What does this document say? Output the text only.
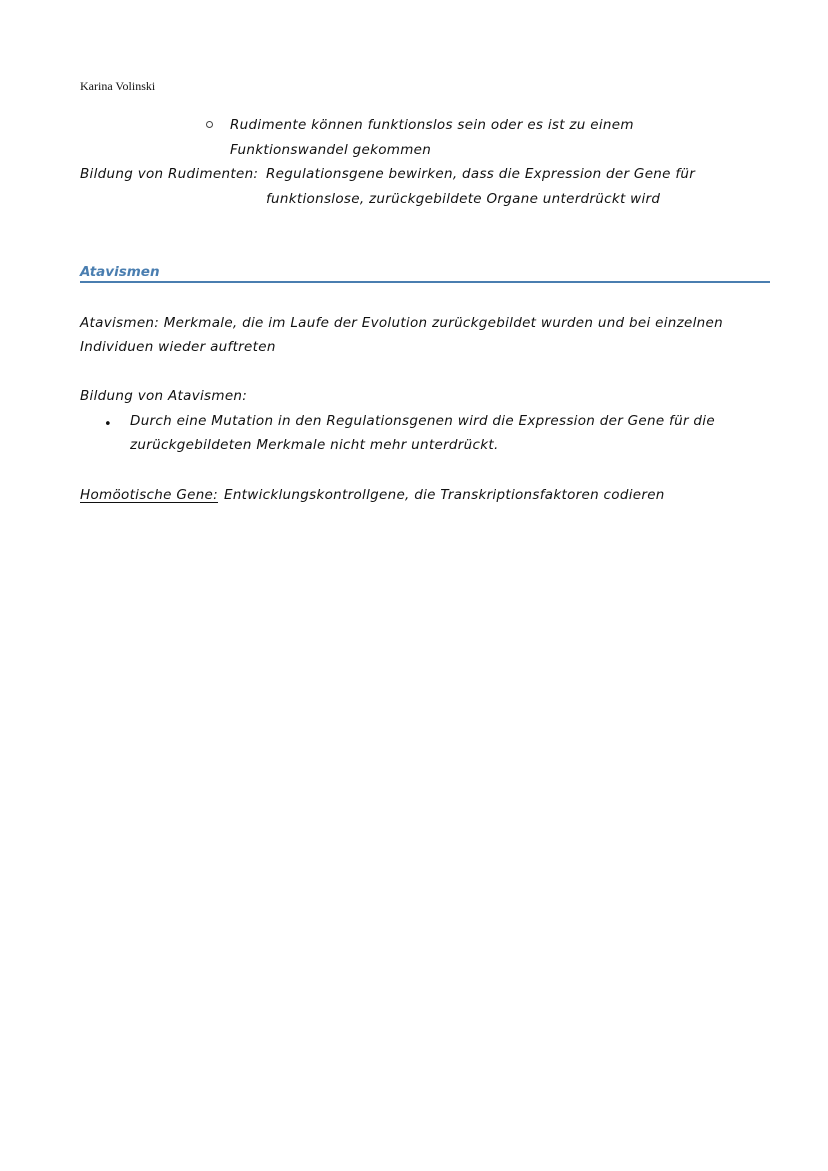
Karina Volinski
Rudimente können funktionslos sein oder es ist zu einem
Funktionswandel gekommen
Bildung von Rudimenten: Regulationsgene bewirken, dass die Expression der Gene für
funktionslose, zurückgebildete Organe unterdrückt wird
Atavismen
Atavismen: Merkmale, die im Laufe der Evolution zurückgebildet wurden und bei einzelnen
Individuen wieder auftreten
Bildung von Atavismen:
• Durch eine Mutation in den Regulationsgenen wird die Expression der Gene für die
zurückgebildeten Merkmale nicht mehr unterdrückt.
Homöotische Gene: Entwicklungskontrollgene, die Transkriptionsfaktoren codieren
